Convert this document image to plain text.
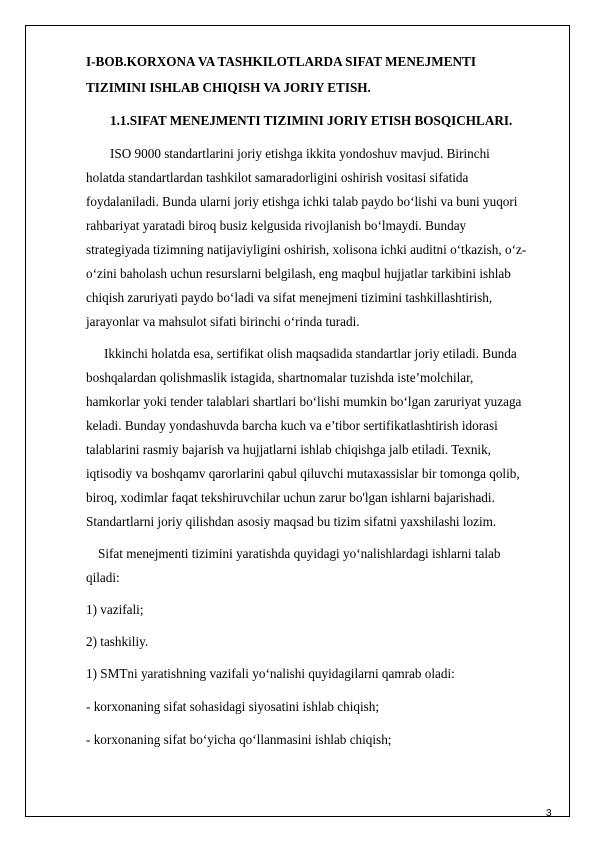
I-BOB.KORXONA VA TASHKILOTLARDA SIFAT MENEJMENTI
TIZIMINI ISHLAB CHIQISH VA JORIY ETISH.
1.1.SIFAT MENEJMENTI TIZIMINI JORIY ETISH BOSQICHLARI.
ISO 9000 standartlarini joriy etishga ikkita yondoshuv mavjud. Birinchi
holatda standartlardan tashkilot samaradorligini oshirish vositasi sifatida
foydalaniladi. Bunda ularni joriy etishga ichki talab paydo bo‘lishi va buni yuqori
rahbariyat yaratadi biroq busiz kelgusida rivojlanish bo‘lmaydi. Bunday
strategiyada tizimning natijaviyligini oshirish, xolisona ichki auditni o‘tkazish, o‘z-
o‘zini baholash uchun resurslarni belgilash, eng maqbul hujjatlar tarkibini ishlab
chiqish zaruriyati paydo bo‘ladi va sifat menejmeni tizimini tashkillashtirish,
jarayonlar va mahsulot sifati birinchi o‘rinda turadi.
Ikkinchi holatda esa, sertifikat olish maqsadida standartlar joriy etiladi. Bunda
boshqalardan qolishmaslik istagida, shartnomalar tuzishda iste’molchilar,
hamkorlar yoki tender talablari shartlari bo‘lishi mumkin bo‘lgan zaruriyat yuzaga
keladi. Bunday yondashuvda barcha kuch va e’tibor sertifikatlashtirish idorasi
talablarini rasmiy bajarish va hujjatlarni ishlab chiqishga jalb etiladi. Texnik,
iqtisodiy va boshqamv qarorlarini qabul qiluvchi mutaxassislar bir tomonga qolib,
biroq, xodimlar faqat tekshiruvchilar uchun zarur bo'lgan ishlarni bajarishadi.
Standartlarni joriy qilishdan asosiy maqsad bu tizim sifatni yaxshilashi lozim.
Sifat menejmenti tizimini yaratishda quyidagi yo‘nalishlardagi ishlarni talab
qiladi:
1) vazifali;
2) tashkiliy.
1) SMTni yaratishning vazifali yo‘nalishi quyidagilarni qamrab oladi:
- korxonaning sifat sohasidagi siyosatini ishlab chiqish;
- korxonaning sifat bo‘yicha qo‘llanmasini ishlab chiqish;
3
